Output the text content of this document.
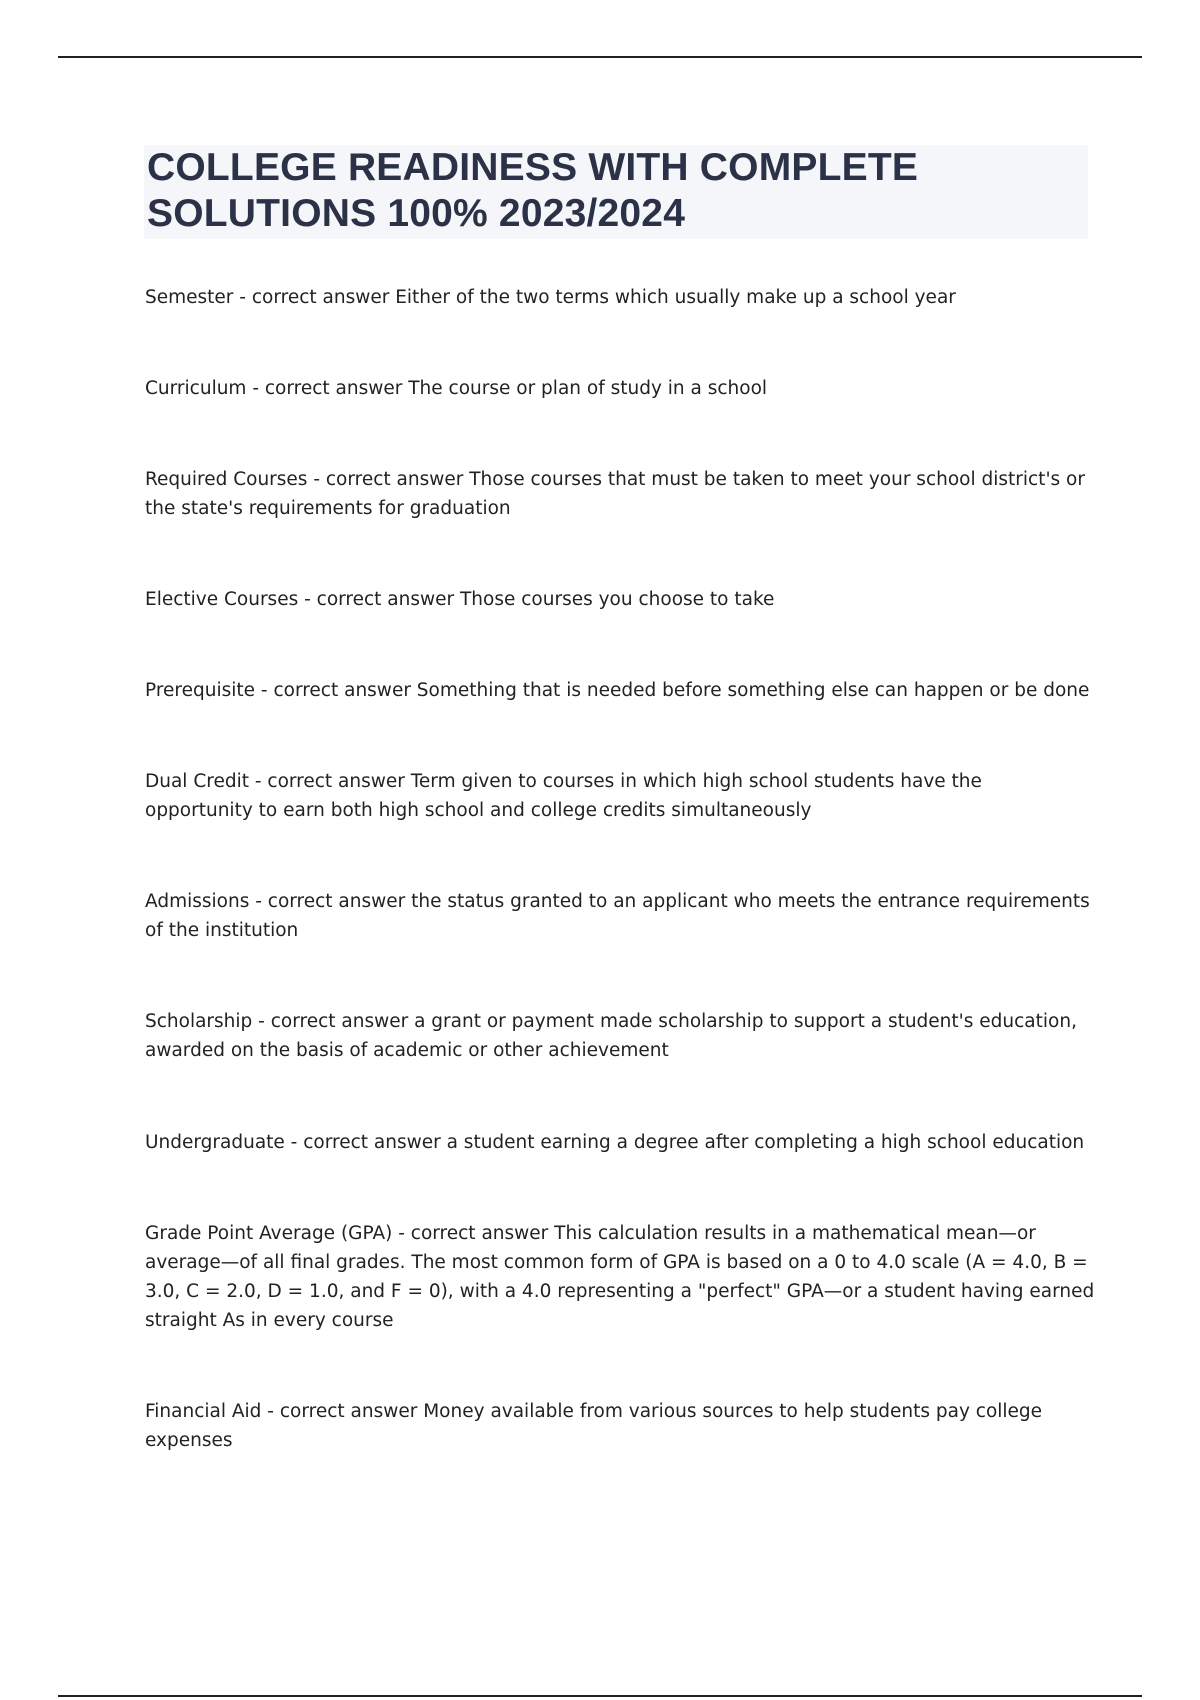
COLLEGE READINESS WITH COMPLETE SOLUTIONS 100% 2023/2024

Semester - correct answer Either of the two terms which usually make up a school year

Curriculum - correct answer The course or plan of study in a school

Required Courses - correct answer Those courses that must be taken to meet your school district's or the state's requirements for graduation

Elective Courses - correct answer Those courses you choose to take

Prerequisite - correct answer Something that is needed before something else can happen or be done

Dual Credit - correct answer Term given to courses in which high school students have the opportunity to earn both high school and college credits simultaneously

Admissions - correct answer the status granted to an applicant who meets the entrance requirements of the institution

Scholarship - correct answer a grant or payment made scholarship to support a student's education, awarded on the basis of academic or other achievement

Undergraduate - correct answer a student earning a degree after completing a high school education

Grade Point Average (GPA) - correct answer This calculation results in a mathematical mean—or average—of all final grades. The most common form of GPA is based on a 0 to 4.0 scale (A = 4.0, B = 3.0, C = 2.0, D = 1.0, and F = 0), with a 4.0 representing a "perfect" GPA—or a student having earned straight As in every course

Financial Aid - correct answer Money available from various sources to help students pay college expenses
